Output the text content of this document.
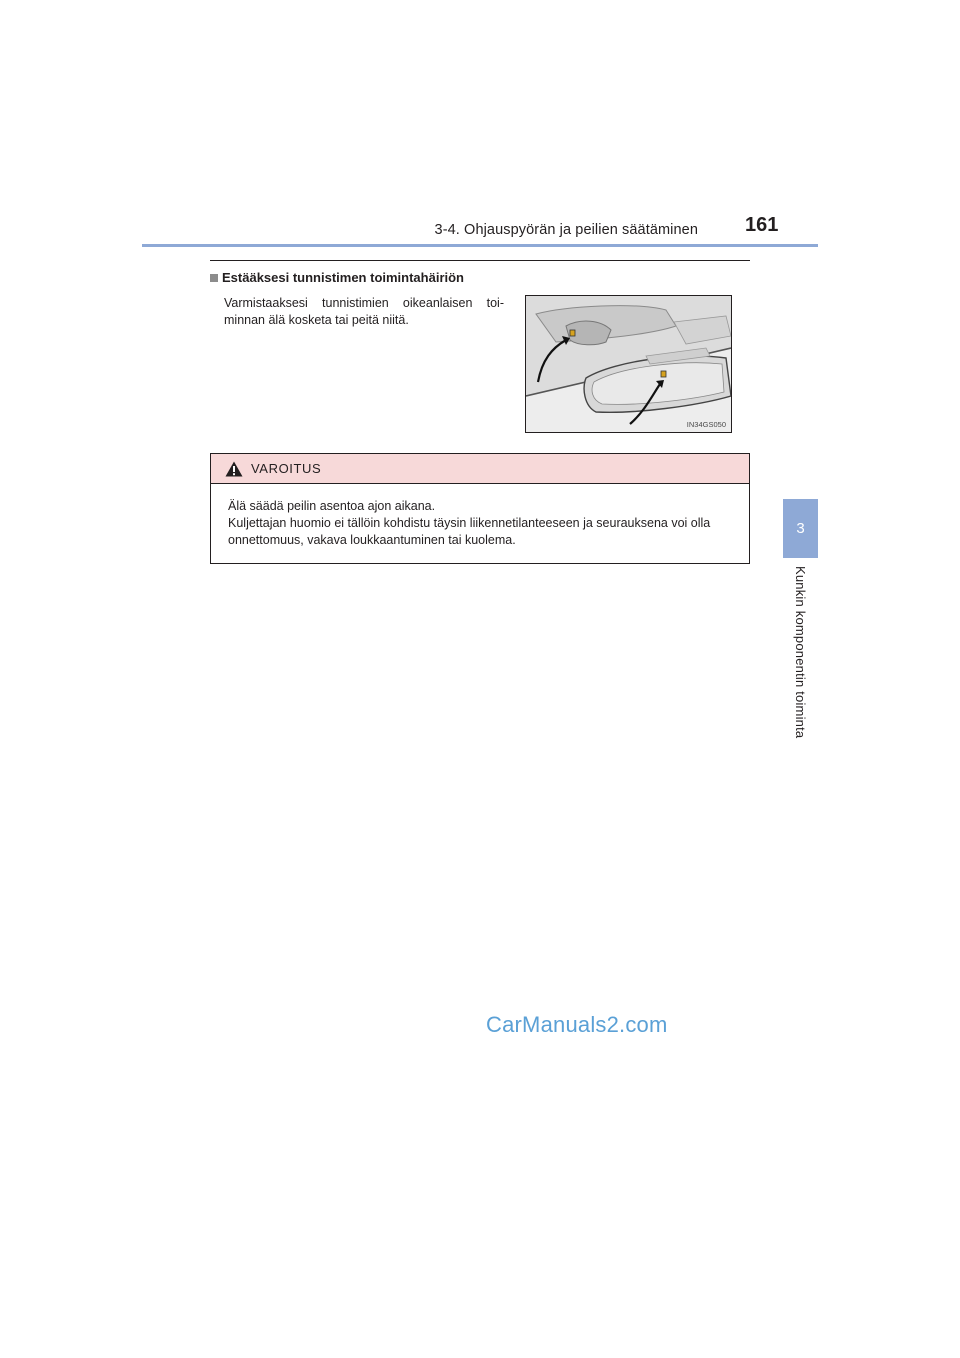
3-4. Ohjauspyörän ja peilien säätäminen 161
3
Kunkin komponentin toiminta
Estääksesi tunnistimen toimintahäiriön
Varmistaaksesi tunnistimien oikeanlaisen toi-minnan älä kosketa tai peitä niitä.
IN34GS050
VAROITUS
Älä säädä peilin asentoa ajon aikana.
Kuljettajan huomio ei tällöin kohdistu täysin liikennetilanteeseen ja seurauksena voi olla onnettomuus, vakava loukkaantuminen tai kuolema.
CarManuals2.com
